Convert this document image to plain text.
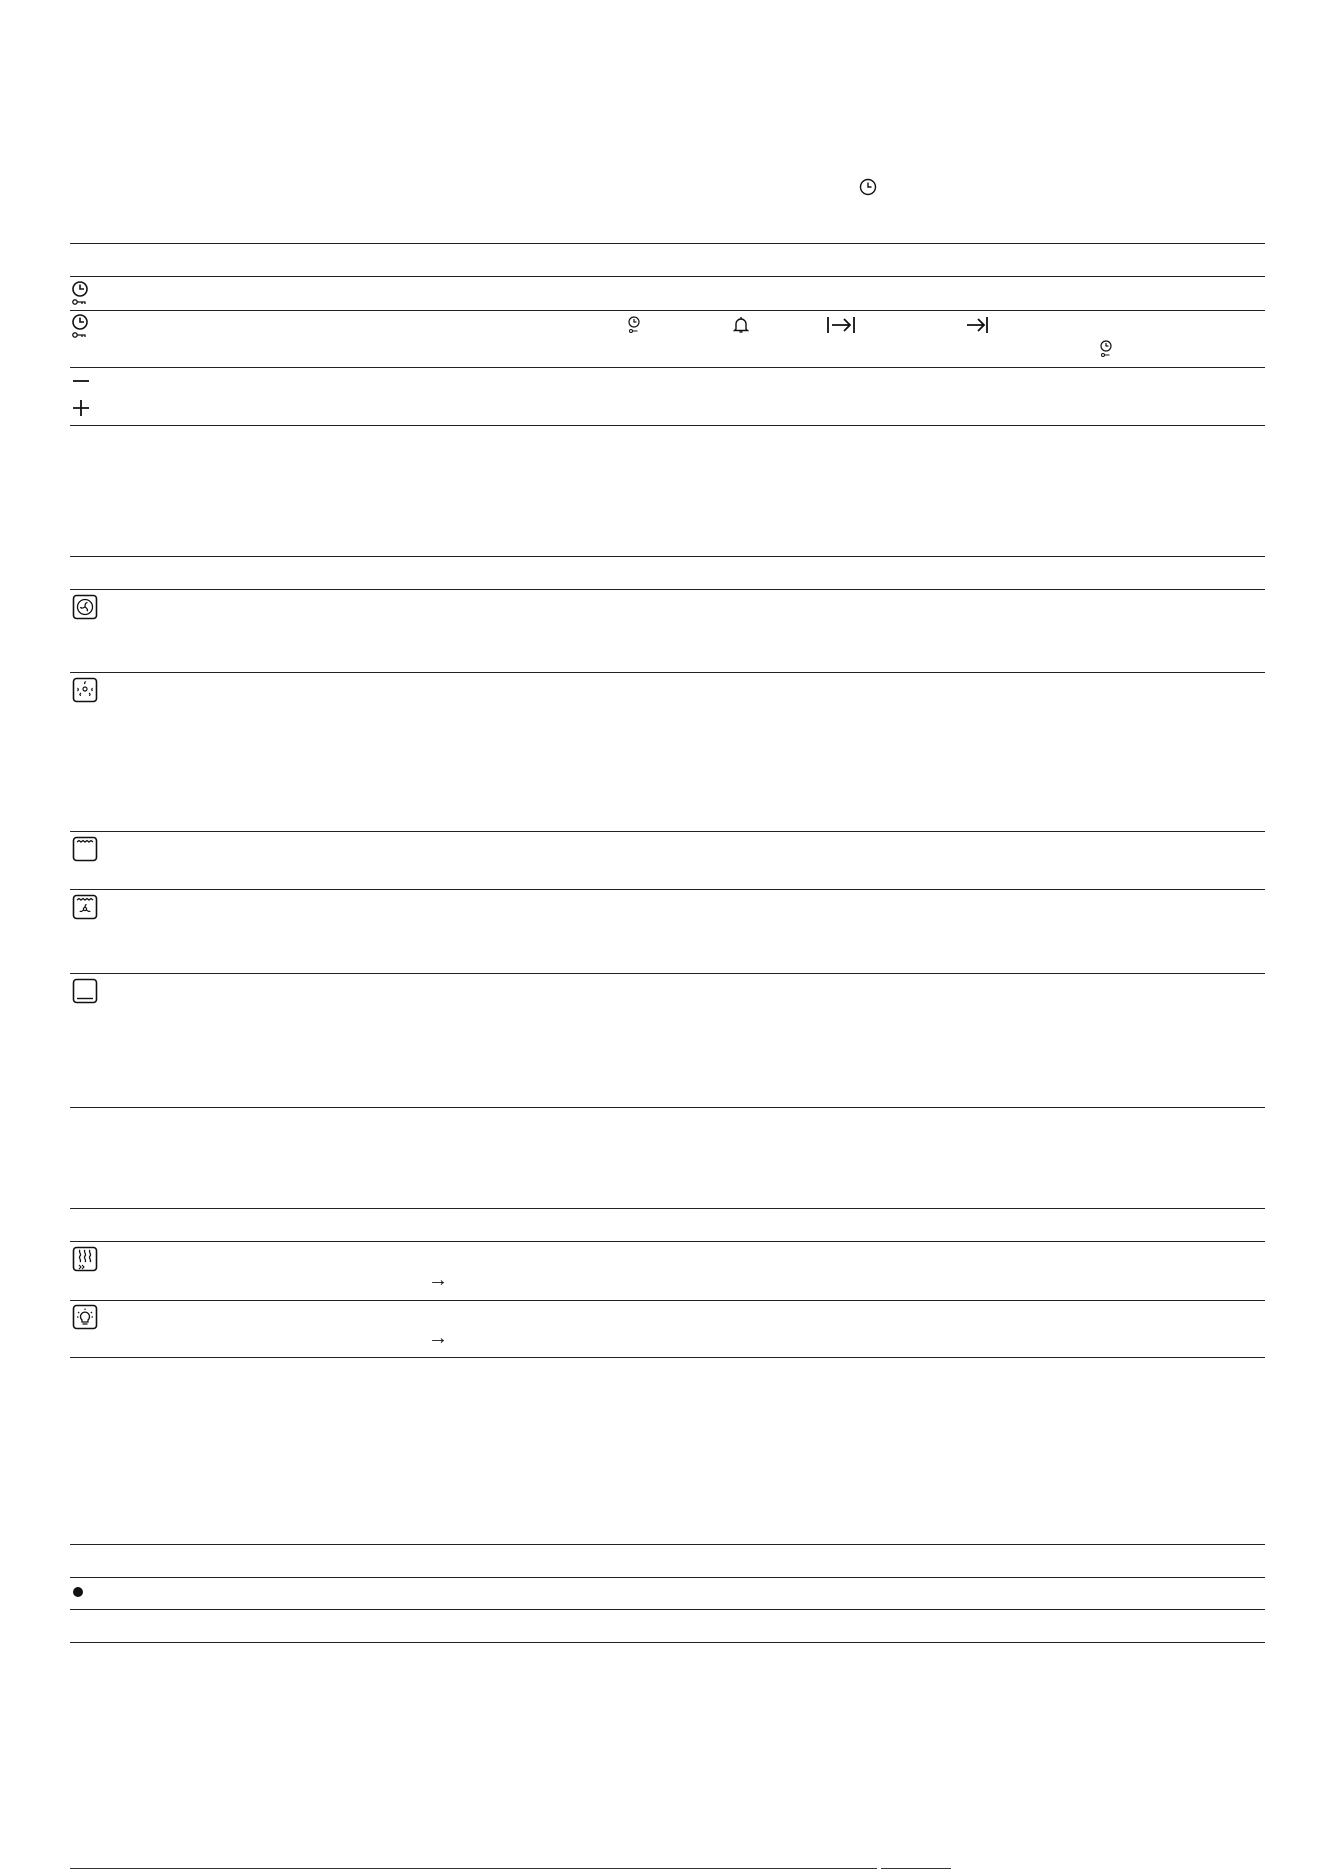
→
→
